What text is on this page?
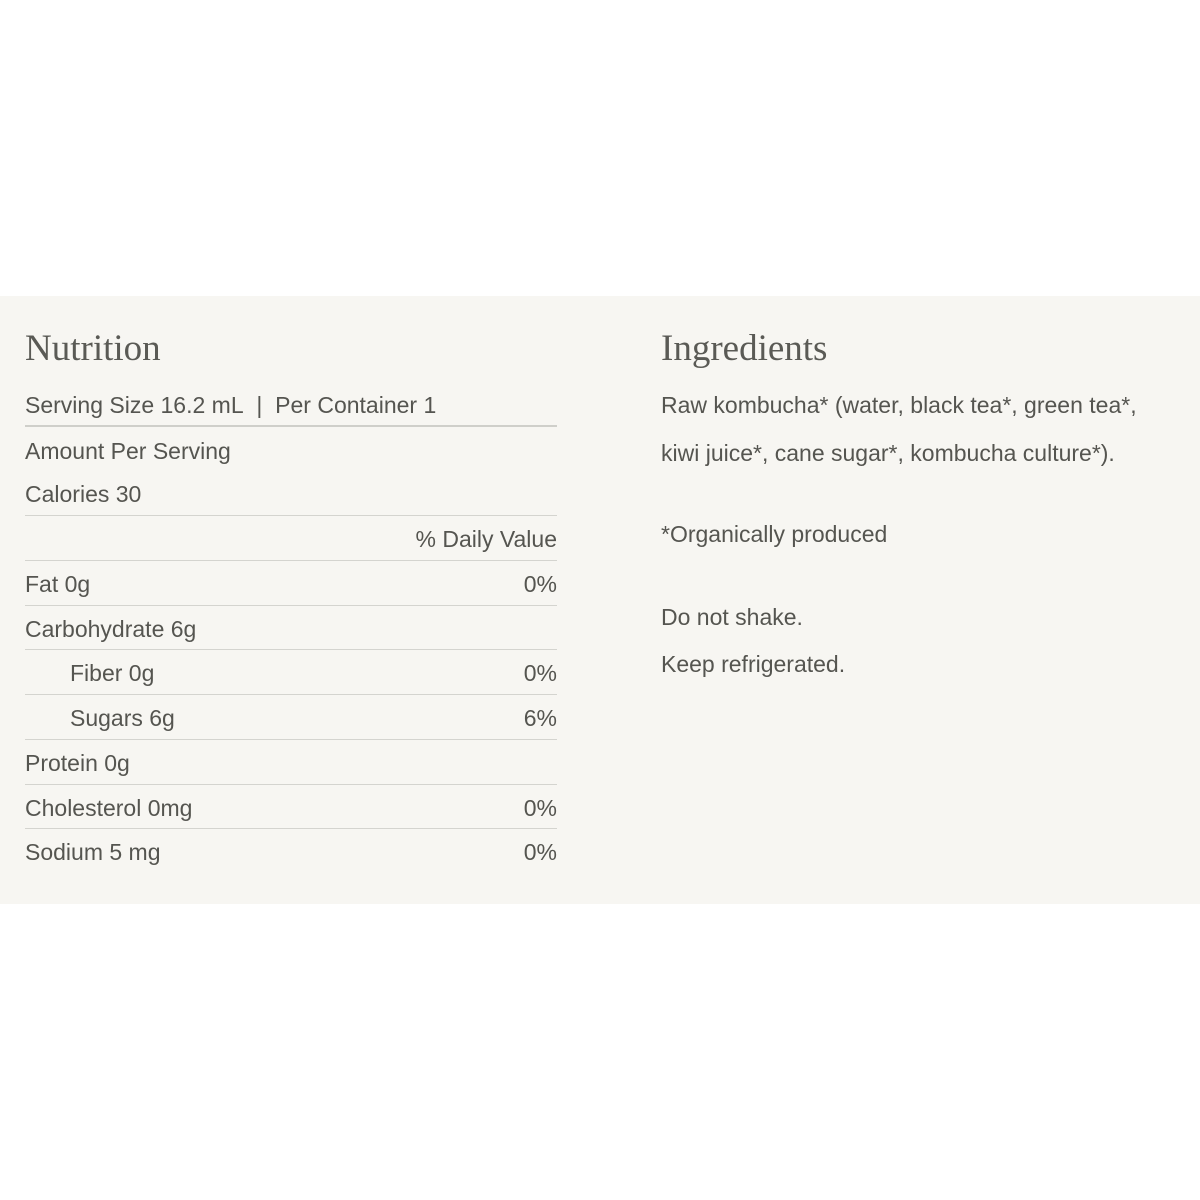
Nutrition
Serving Size 16.2 mL | Per Container 1
Amount Per Serving
Calories 30
% Daily Value
Fat 0g	0%
Carbohydrate 6g
Fiber 0g	0%
Sugars 6g	6%
Protein 0g
Cholesterol 0mg	0%
Sodium 5 mg	0%
Ingredients
Raw kombucha* (water, black tea*, green tea*,
kiwi juice*, cane sugar*, kombucha culture*).
*Organically produced
Do not shake.
Keep refrigerated.
